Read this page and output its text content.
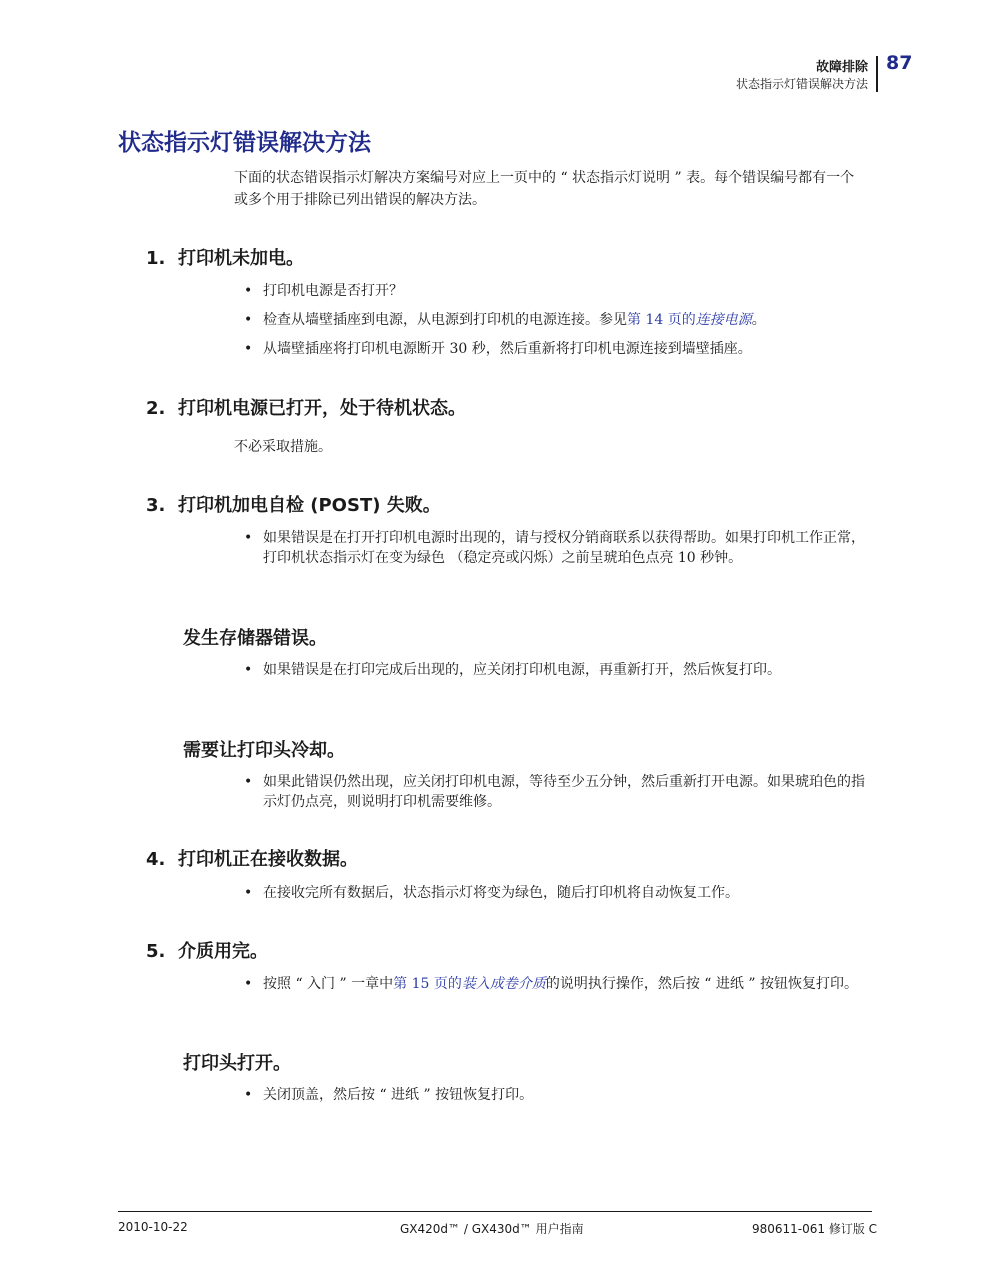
故障排除
状态指示灯错误解决方法
87
状态指示灯错误解决方法

下面的状态错误指示灯解决方案编号对应上一页中的 “ 状态指示灯说明 ” 表。每个错误编号都有一个或多个用于排除已列出错误的解决方法。

1. 打印机未加电。
• 打印机电源是否打开？
• 检查从墙壁插座到电源，从电源到打印机的电源连接。参见第 14 页的连接电源。
• 从墙壁插座将打印机电源断开 30 秒，然后重新将打印机电源连接到墙壁插座。
2. 打印机电源已打开，处于待机状态。

不必采取措施。

3. 打印机加电自检 (POST) 失败。
• 如果错误是在打开打印机电源时出现的，请与授权分销商联系以获得帮助。如果打印机工作正常，打印机状态指示灯在变为绿色 （稳定亮或闪烁）之前呈琥珀色点亮 10 秒钟。
发生存储器错误。
• 如果错误是在打印完成后出现的，应关闭打印机电源，再重新打开，然后恢复打印。
需要让打印头冷却。
• 如果此错误仍然出现，应关闭打印机电源，等待至少五分钟，然后重新打开电源。如果琥珀色的指示灯仍点亮，则说明打印机需要维修。
4. 打印机正在接收数据。
• 在接收完所有数据后，状态指示灯将变为绿色，随后打印机将自动恢复工作。
5. 介质用完。
• 按照 “ 入门 ” 一章中第 15 页的装入成卷介质的说明执行操作，然后按 “ 进纸 ” 按钮恢复打印。
打印头打开。
• 关闭顶盖，然后按 “ 进纸 ” 按钮恢复打印。
2010-10-22	GX420d™ / GX430d™ 用户指南	980611-061 修订版 C
